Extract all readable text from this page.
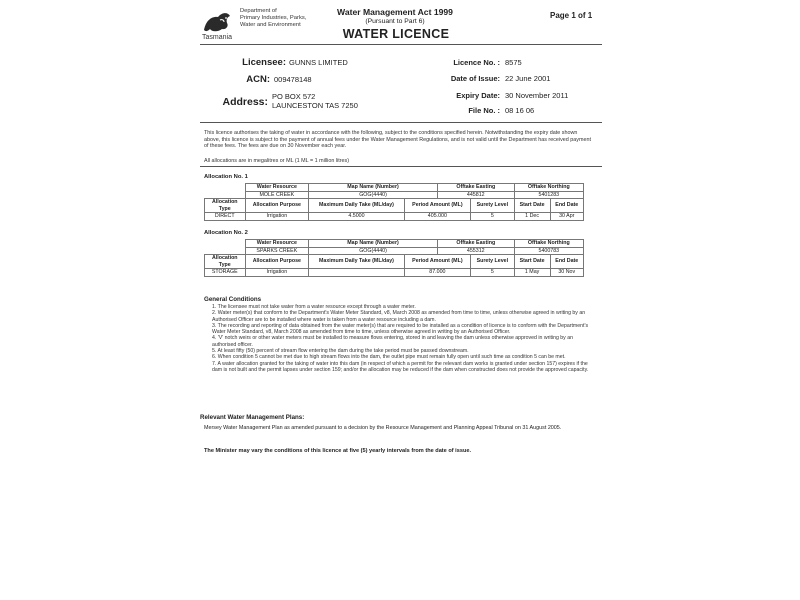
Department of
Primary Industries, Parks,
Water and Environment
Tasmania
Water Management Act 1999
(Pursuant to Part 6)
WATER LICENCE
Page 1 of 1
Licensee: GUNNS LIMITED
ACN: 009478148
Address: PO BOX 572
LAUNCESTON TAS 7250
Licence No. : 8575
Date of Issue: 22 June 2001
Expiry Date: 30 November 2011
File No. : 08 16 06
This licence authorises the taking of water in accordance with the following, subject to the conditions specified herein. Notwithstanding the expiry date shown above, this licence is subject to the payment of annual fees under the Water Management Regulations, and is not valid until the Department has received payment of these fees. The fees are due on 30 November each year.
All allocations are in megalitres or ML (1 ML = 1 million litres)
Allocation No. 1
	Water Resource	Map Name (Number)		Offtake Easting		Offtake Northing	
	MOLE CREEK	GOG(4440)		445812		5401283	
Allocation Type	Allocation Purpose	Maximum Daily Take (ML/day)	Period Amount (ML)		Surety Level	Start Date	End Date
DIRECT	Irrigation	4.5000	405.000		5	1 Dec	30 Apr
Allocation No. 2
	Water Resource	Map Name (Number)		Offtake Easting		Offtake Northing	
	SPARKS CREEK	GOG(4440)		455312		5400783	
Allocation Type	Allocation Purpose	Maximum Daily Take (ML/day)	Period Amount (ML)		Surety Level	Start Date	End Date
STORAGE	Irrigation		87.000		5	1 May	30 Nov
General Conditions
1. The licensee must not take water from a water resource except through a water meter.
2. Water meter(s) that conform to the Department's Water Meter Standard, v8, March 2008 as amended from time to time, unless otherwise agreed in writing by an Authorised Officer are to be installed where water is taken from a water resource including a dam.
3. The recording and reporting of data obtained from the water meter(s) that are required to be installed as a condition of licence is to conform with the Department's Water Meter Standard, v8, March 2008 as amended from time to time, unless otherwise agreed in writing by an Authorised Officer.
4. 'V' notch weirs or other water meters must be installed to measure flows entering, stored in and leaving the dam unless otherwise approved in writing by an authorised officer.
5. At least fifty (50) percent of stream flow entering the dam during the take period must be passed downstream.
6. When condition 5 cannot be met due to high stream flows into the dam, the outlet pipe must remain fully open until such time as condition 5 can be met.
7. A water allocation granted for the taking of water into this dam (in respect of which a permit for the relevant dam works is granted under section 157) expires if the dam is not built and the permit lapses under section 159; and/or the allocation may be reduced if the dam when constructed does not provide the approved capacity.
Relevant Water Management Plans:
Mersey Water Management Plan as amended pursuant to a decision by the Resource Management and Planning Appeal Tribunal on 31 August 2005.
The Minister may vary the conditions of this licence at five (5) yearly intervals from the date of issue.
